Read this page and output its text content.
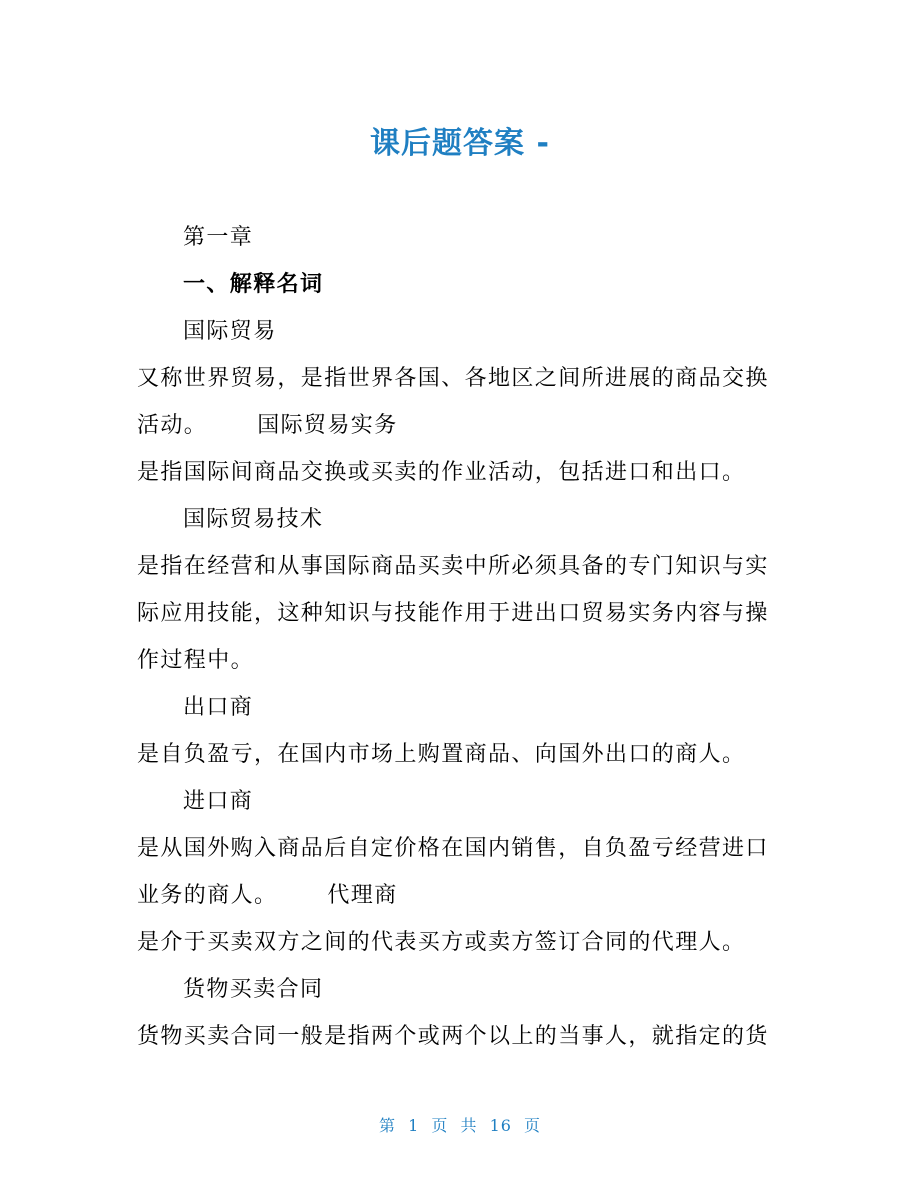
课后题答案 -

第一章

一、解释名词

国际贸易

又称世界贸易，是指世界各国、各地区之间所进展的商品交换

活动。 国际贸易实务

是指国际间商品交换或买卖的作业活动，包括进口和出口。

国际贸易技术

是指在经营和从事国际商品买卖中所必须具备的专门知识与实

际应用技能，这种知识与技能作用于进出口贸易实务内容与操

作过程中。

出口商

是自负盈亏，在国内市场上购置商品、向国外出口的商人。

进口商

是从国外购入商品后自定价格在国内销售，自负盈亏经营进口

业务的商人。 代理商

是介于买卖双方之间的代表买方或卖方签订合同的代理人。

货物买卖合同

货物买卖合同一般是指两个或两个以上的当事人，就指定的货

第 1 页 共 16 页
